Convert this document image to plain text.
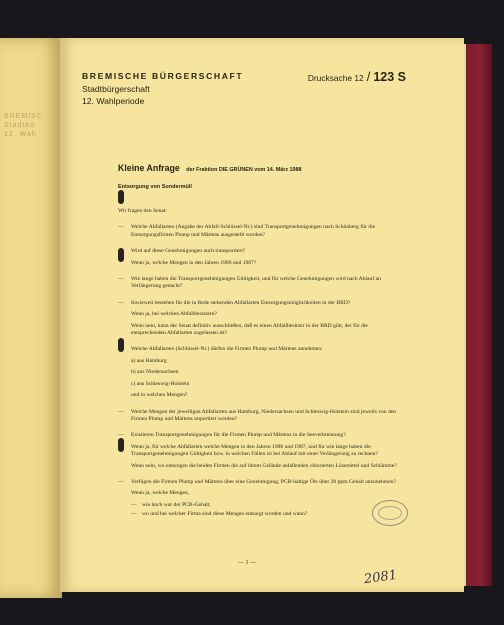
BREMISC
Stadtbü
12. Wah
BREMISCHE BÜRGERSCHAFT
Stadtbürgerschaft
12. Wahlperiode
Drucksache 12 / 123 S
Kleine Anfrage der Fraktion DIE GRÜNEN vom 14. März 1988
Entsorgung von Sondermüll

Wir fragen den Senat:

— Welche Abfallarten (Angabe der Abfall-Schlüssel-Nr.) sind Transportgenehmigungen nach Schönberg für die Entsorgungsfirmen Plump und Märtens ausgestellt worden?
— Wird auf diese Genehmigungen auch transportiert?
Wenn ja, welche Mengen in den Jahren 1986 und 1987?
— Wie lange haben die Transportgenehmigungen Gültigkeit, und für welche Genehmigungen wird nach Ablauf an Verlängerung gedacht?
— Inwieweit bestehen für die in Rede stehenden Abfallarten Entsorgungsmöglichkeiten in der BRD?
Wenn ja, bei welchen Abfallbesitzern?
Wenn nein, kann der Senat definitiv ausschließen, daß es einen Abfallbesitzer in der BRD gibt, der für die entsprechenden Abfallarten zugelassen ist?
— Welche Abfallarten (Schlüssel-Nr.) dürfen die Firmen Plump und Märtens annehmen:
a) aus Hamburg
b) aus Niedersachsen
c) aus Schleswig-Holstein
und in welchen Mengen?
— Welche Mengen der jeweiligen Abfallarten aus Hamburg, Niedersachsen und Schleswig-Holstein sind jeweils von den Firmen Plump und Märtens importiert worden?
— Existieren Transportgenehmigungen für die Firmen Plump und Märtens in die Seeverbrennung?
Wenn ja, für welche Abfallarten welche Mengen in den Jahren 1986 und 1987, und für wie lange haben die Transportgenehmigungen Gültigkeit bzw. in welchen Fällen ist bei Ablauf mit einer Verlängerung zu rechnen?
Wenn nein, wo entsorgen die beiden Firmen die auf ihrem Gelände anfallenden chlorierten Lösemittel und Schlämme?
— Verfügen die Firmen Plump und Märtens über eine Genehmigung, PCB-haltige Öle über 20 ppm Gehalt anzunehmen?
Wenn ja, welche Mengen,
— wie hoch war der PCB-Gehalt,
— wo und bei welcher Firma sind diese Mengen entsorgt worden und wann?
— 1 —
2081
